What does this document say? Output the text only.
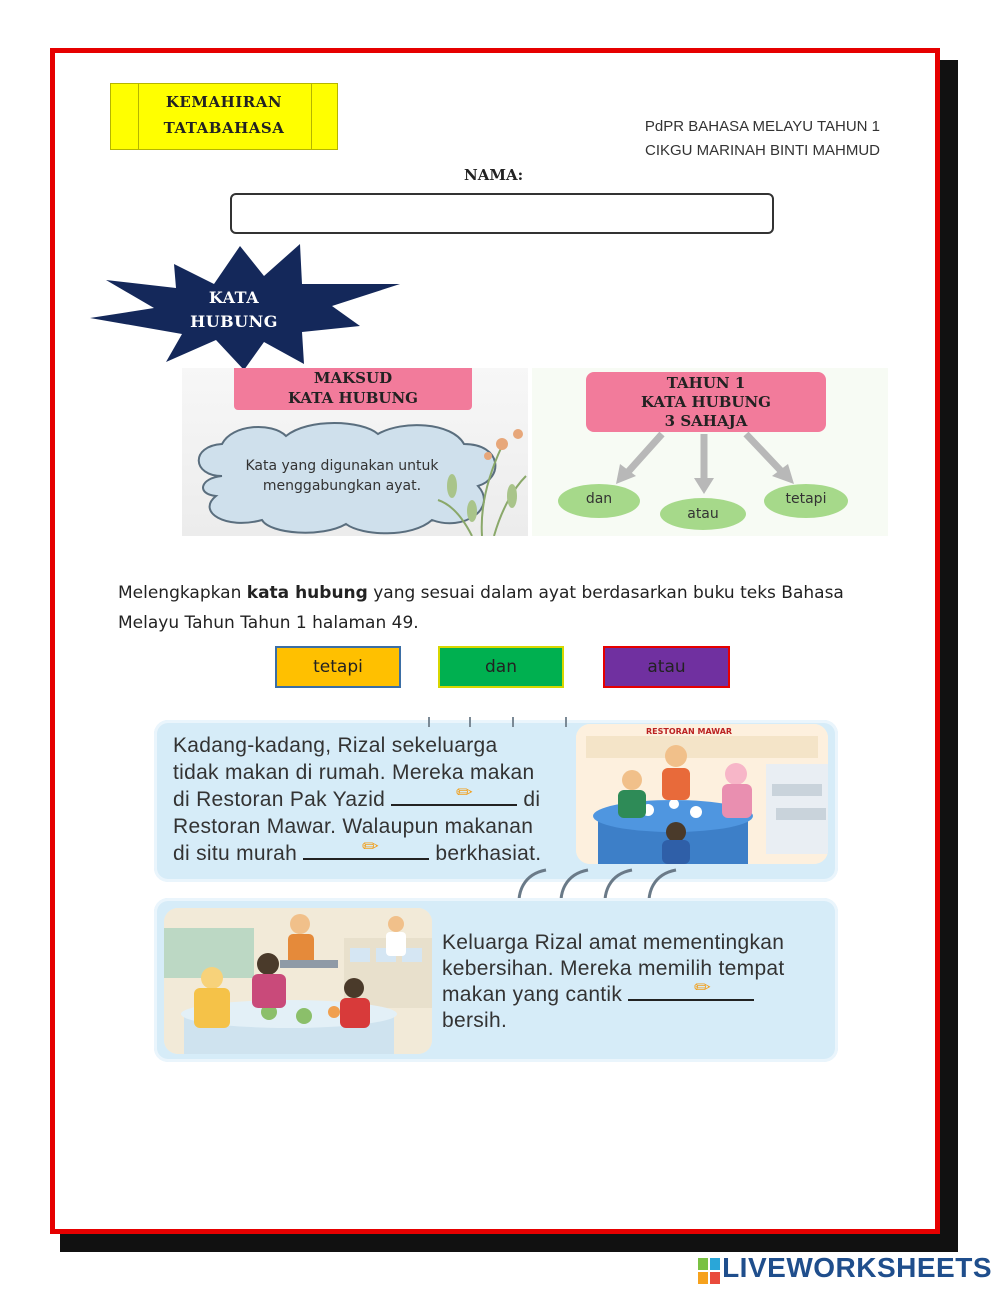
KEMAHIRAN
TATABAHASA	PdPR BAHASA MELAYU TAHUN 1
CIKGU MARINAH BINTI MAHMUD
NAMA:
KATA
HUBUNG
MAKSUD
KATA HUBUNG
Kata yang digunakan untuk
menggabungkan ayat.
TAHUN 1
KATA HUBUNG
3 SAHAJA
dan
atau
tetapi
Melengkapkan kata hubung yang sesuai dalam ayat berdasarkan buku teks Bahasa Melayu Tahun Tahun 1 halaman 49.
tetapi	dan	atau
Kadang-kadang, Rizal sekeluarga
tidak makan di rumah. Mereka makan
di Restoran Pak Yazid	di
Restoran Mawar. Walaupun makanan
di situ murah	berkhasiat.
✏
✏
RESTORAN MAWAR
Keluarga Rizal amat mementingkan
kebersihan. Mereka memilih tempat
makan yang cantik
bersih.
✏
LIVEWORKSHEETS
